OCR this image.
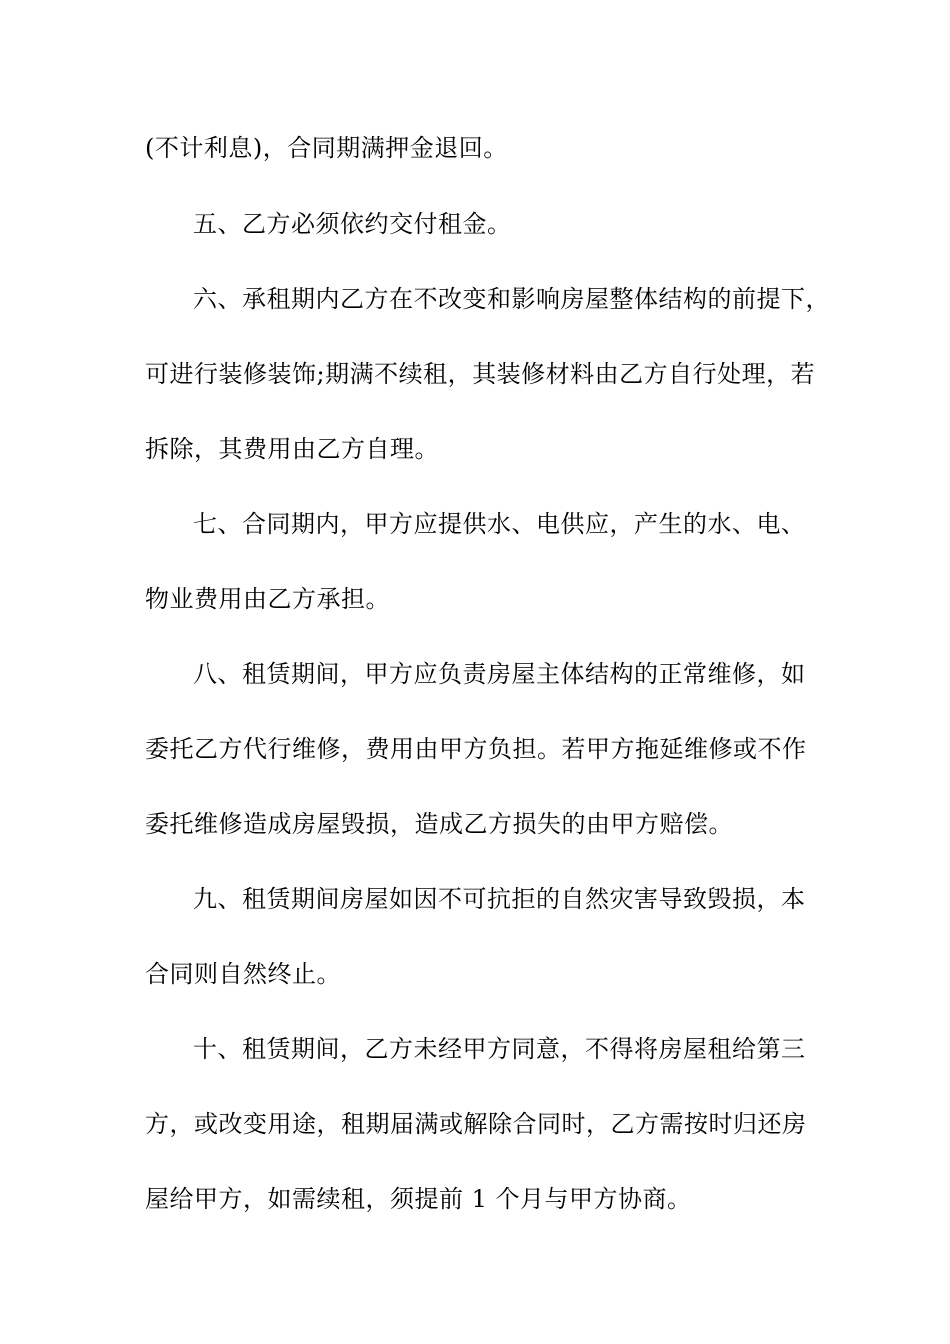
(不计利息)，合同期满押金退回。
五、乙方必须依约交付租金。
六、承租期内乙方在不改变和影响房屋整体结构的前提下，
可进行装修装饰;期满不续租，其装修材料由乙方自行处理，若
拆除，其费用由乙方自理。
七、合同期内，甲方应提供水、电供应，产生的水、电、
物业费用由乙方承担。
八、租赁期间，甲方应负责房屋主体结构的正常维修，如
委托乙方代行维修，费用由甲方负担。若甲方拖延维修或不作
委托维修造成房屋毁损，造成乙方损失的由甲方赔偿。
九、租赁期间房屋如因不可抗拒的自然灾害导致毁损，本
合同则自然终止。
十、租赁期间，乙方未经甲方同意，不得将房屋租给第三
方，或改变用途，租期届满或解除合同时，乙方需按时归还房
屋给甲方，如需续租，须提前 1 个月与甲方协商。
